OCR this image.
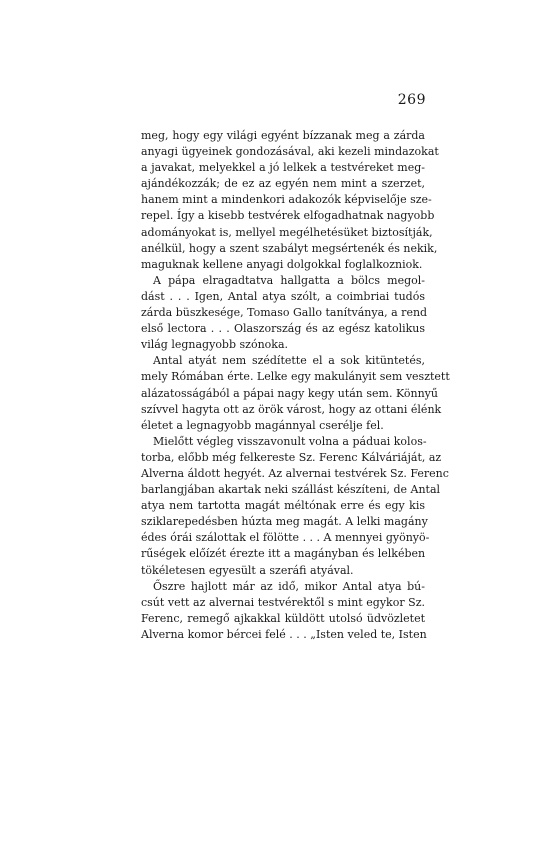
269
meg, hogy egy világi egyént bízzanak meg a zárda
anyagi ügyeinek gondozásával, aki kezeli mindazokat
a javakat, melyekkel a jó lelkek a testvéreket meg-
ajándékozzák; de ez az egyén nem mint a szerzet,
hanem mint a mindenkori adakozók képviselője sze-
repel. Így a kisebb testvérek elfogadhatnak nagyobb
adományokat is, mellyel megélhetésüket biztosítják,
anélkül, hogy a szent szabályt megsértenék és nekik,
maguknak kellene anyagi dolgokkal foglalkozniok.
A pápa elragadtatva hallgatta a bölcs megol-
dást . . . Igen, Antal atya szólt, a coimbriai tudós
zárda büszkesége, Tomaso Gallo tanítványa, a rend
első lectora . . . Olaszország és az egész katolikus
világ legnagyobb szónoka.
Antal atyát nem szédítette el a sok kitüntetés,
mely Rómában érte. Lelke egy makulányit sem vesztett
alázatosságából a pápai nagy kegy után sem. Könnyű
szívvel hagyta ott az örök várost, hogy az ottani élénk
életet a legnagyobb magánnyal cserélje fel.
Mielőtt végleg visszavonult volna a páduai kolos-
torba, előbb még felkereste Sz. Ferenc Kálváriáját, az
Alverna áldott hegyét. Az alvernai testvérek Sz. Ferenc
barlangjában akartak neki szállást készíteni, de Antal
atya nem tartotta magát méltónak erre és egy kis
sziklarepedésben húzta meg magát. A lelki magány
édes órái szálottak el fölötte . . . A mennyei gyönyö-
rűségek előízét érezte itt a magányban és lelkében
tökéletesen egyesült a szeráfi atyával.
Őszre hajlott már az idő, mikor Antal atya bú-
csút vett az alvernai testvérektől s mint egykor Sz.
Ferenc, remegő ajkakkal küldött utolsó üdvözletet
Alverna komor bércei felé . . . „Isten veled te, Isten
